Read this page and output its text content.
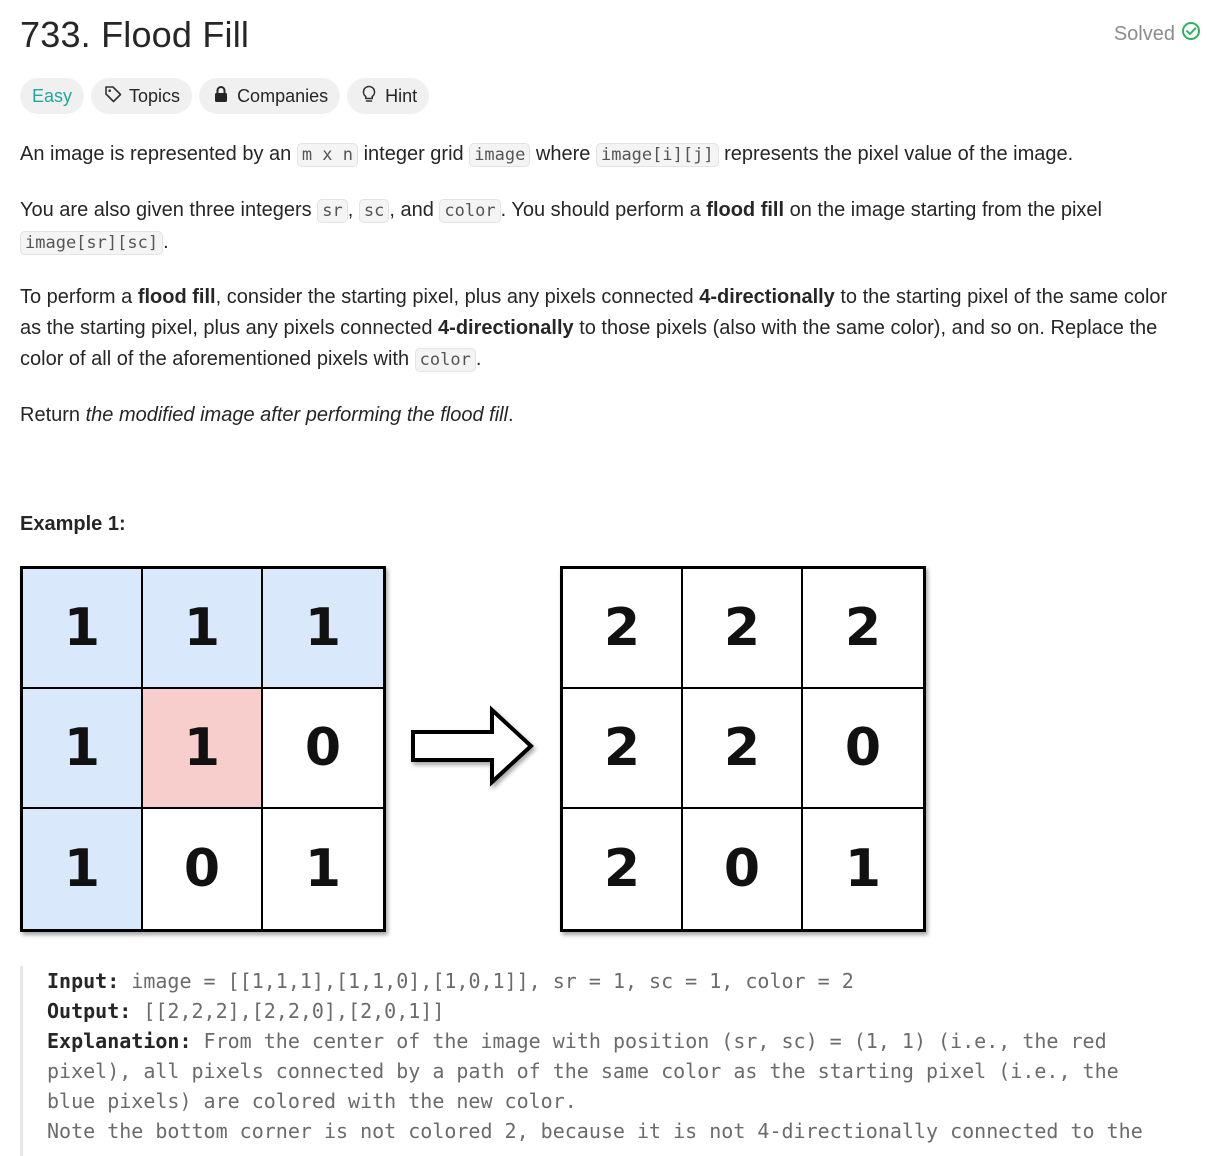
733. Flood Fill	Solved
Easy	Topics	Companies	Hint

An image is represented by an m x n integer grid image where image[i][j] represents the pixel value of the image.

You are also given three integers sr , sc , and color . You should perform a flood fill on the image starting from the pixel image[sr][sc] .

To perform a flood fill, consider the starting pixel, plus any pixels connected 4-directionally to the starting pixel of the same color as the starting pixel, plus any pixels connected 4-directionally to those pixels (also with the same color), and so on. Replace the color of all of the aforementioned pixels with color .

Return the modified image after performing the flood fill.

Example 1:
1	1	1
1	1	0
1	0	1
2	2	2
2	2	0
2	0	1
Input: image = [[1,1,1],[1,1,0],[1,0,1]], sr = 1, sc = 1, color = 2
Output: [[2,2,2],[2,2,0],[2,0,1]]
Explanation: From the center of the image with position (sr, sc) = (1, 1) (i.e., the red
pixel), all pixels connected by a path of the same color as the starting pixel (i.e., the
blue pixels) are colored with the new color.
Note the bottom corner is not colored 2, because it is not 4-directionally connected to the
